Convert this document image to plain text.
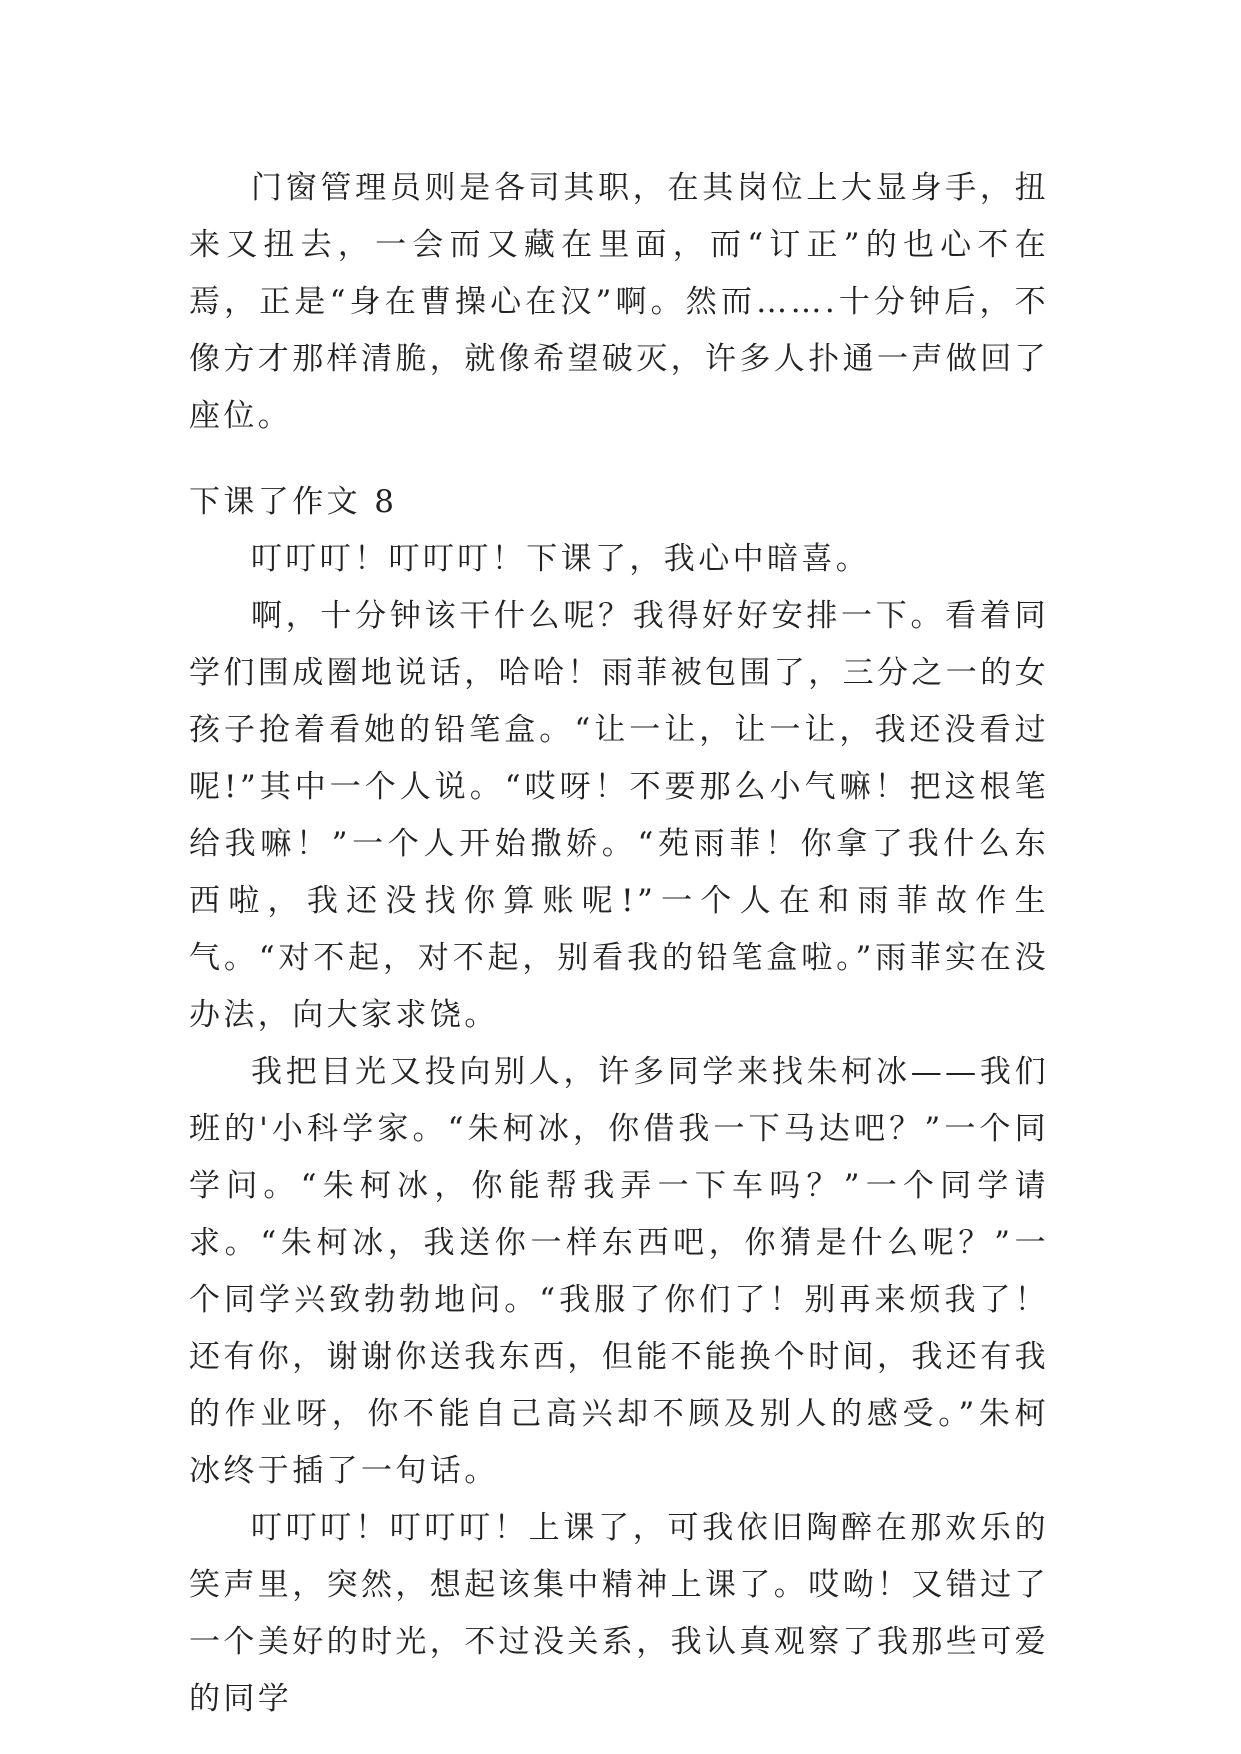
门窗管理员则是各司其职，在其岗位上大显身手，扭来又扭去，一会而又藏在里面，而“订正”的也心不在焉，正是“身在曹操心在汉”啊。然而…….十分钟后，不像方才那样清脆，就像希望破灭，许多人扑通一声做回了座位。

下课了作文 8

叮叮叮！叮叮叮！下课了，我心中暗喜。

啊，十分钟该干什么呢？我得好好安排一下。看着同学们围成圈地说话，哈哈！雨菲被包围了，三分之一的女孩子抢着看她的铅笔盒。“让一让，让一让，我还没看过呢!”其中一个人说。“哎呀！不要那么小气嘛！把这根笔给我嘛！”一个人开始撒娇。“苑雨菲！你拿了我什么东西啦，我还没找你算账呢!”一个人在和雨菲故作生气。“对不起，对不起，别看我的铅笔盒啦。”雨菲实在没办法，向大家求饶。

我把目光又投向别人，许多同学来找朱柯冰——我们班的'小科学家。“朱柯冰，你借我一下马达吧？”一个同学问。“朱柯冰，你能帮我弄一下车吗？”一个同学请求。“朱柯冰，我送你一样东西吧，你猜是什么呢？”一个同学兴致勃勃地问。“我服了你们了！别再来烦我了！还有你，谢谢你送我东西，但能不能换个时间，我还有我的作业呀，你不能自己高兴却不顾及别人的感受。”朱柯冰终于插了一句话。

叮叮叮！叮叮叮！上课了，可我依旧陶醉在那欢乐的笑声里，突然，想起该集中精神上课了。哎呦！又错过了一个美好的时光，不过没关系，我认真观察了我那些可爱的同学
